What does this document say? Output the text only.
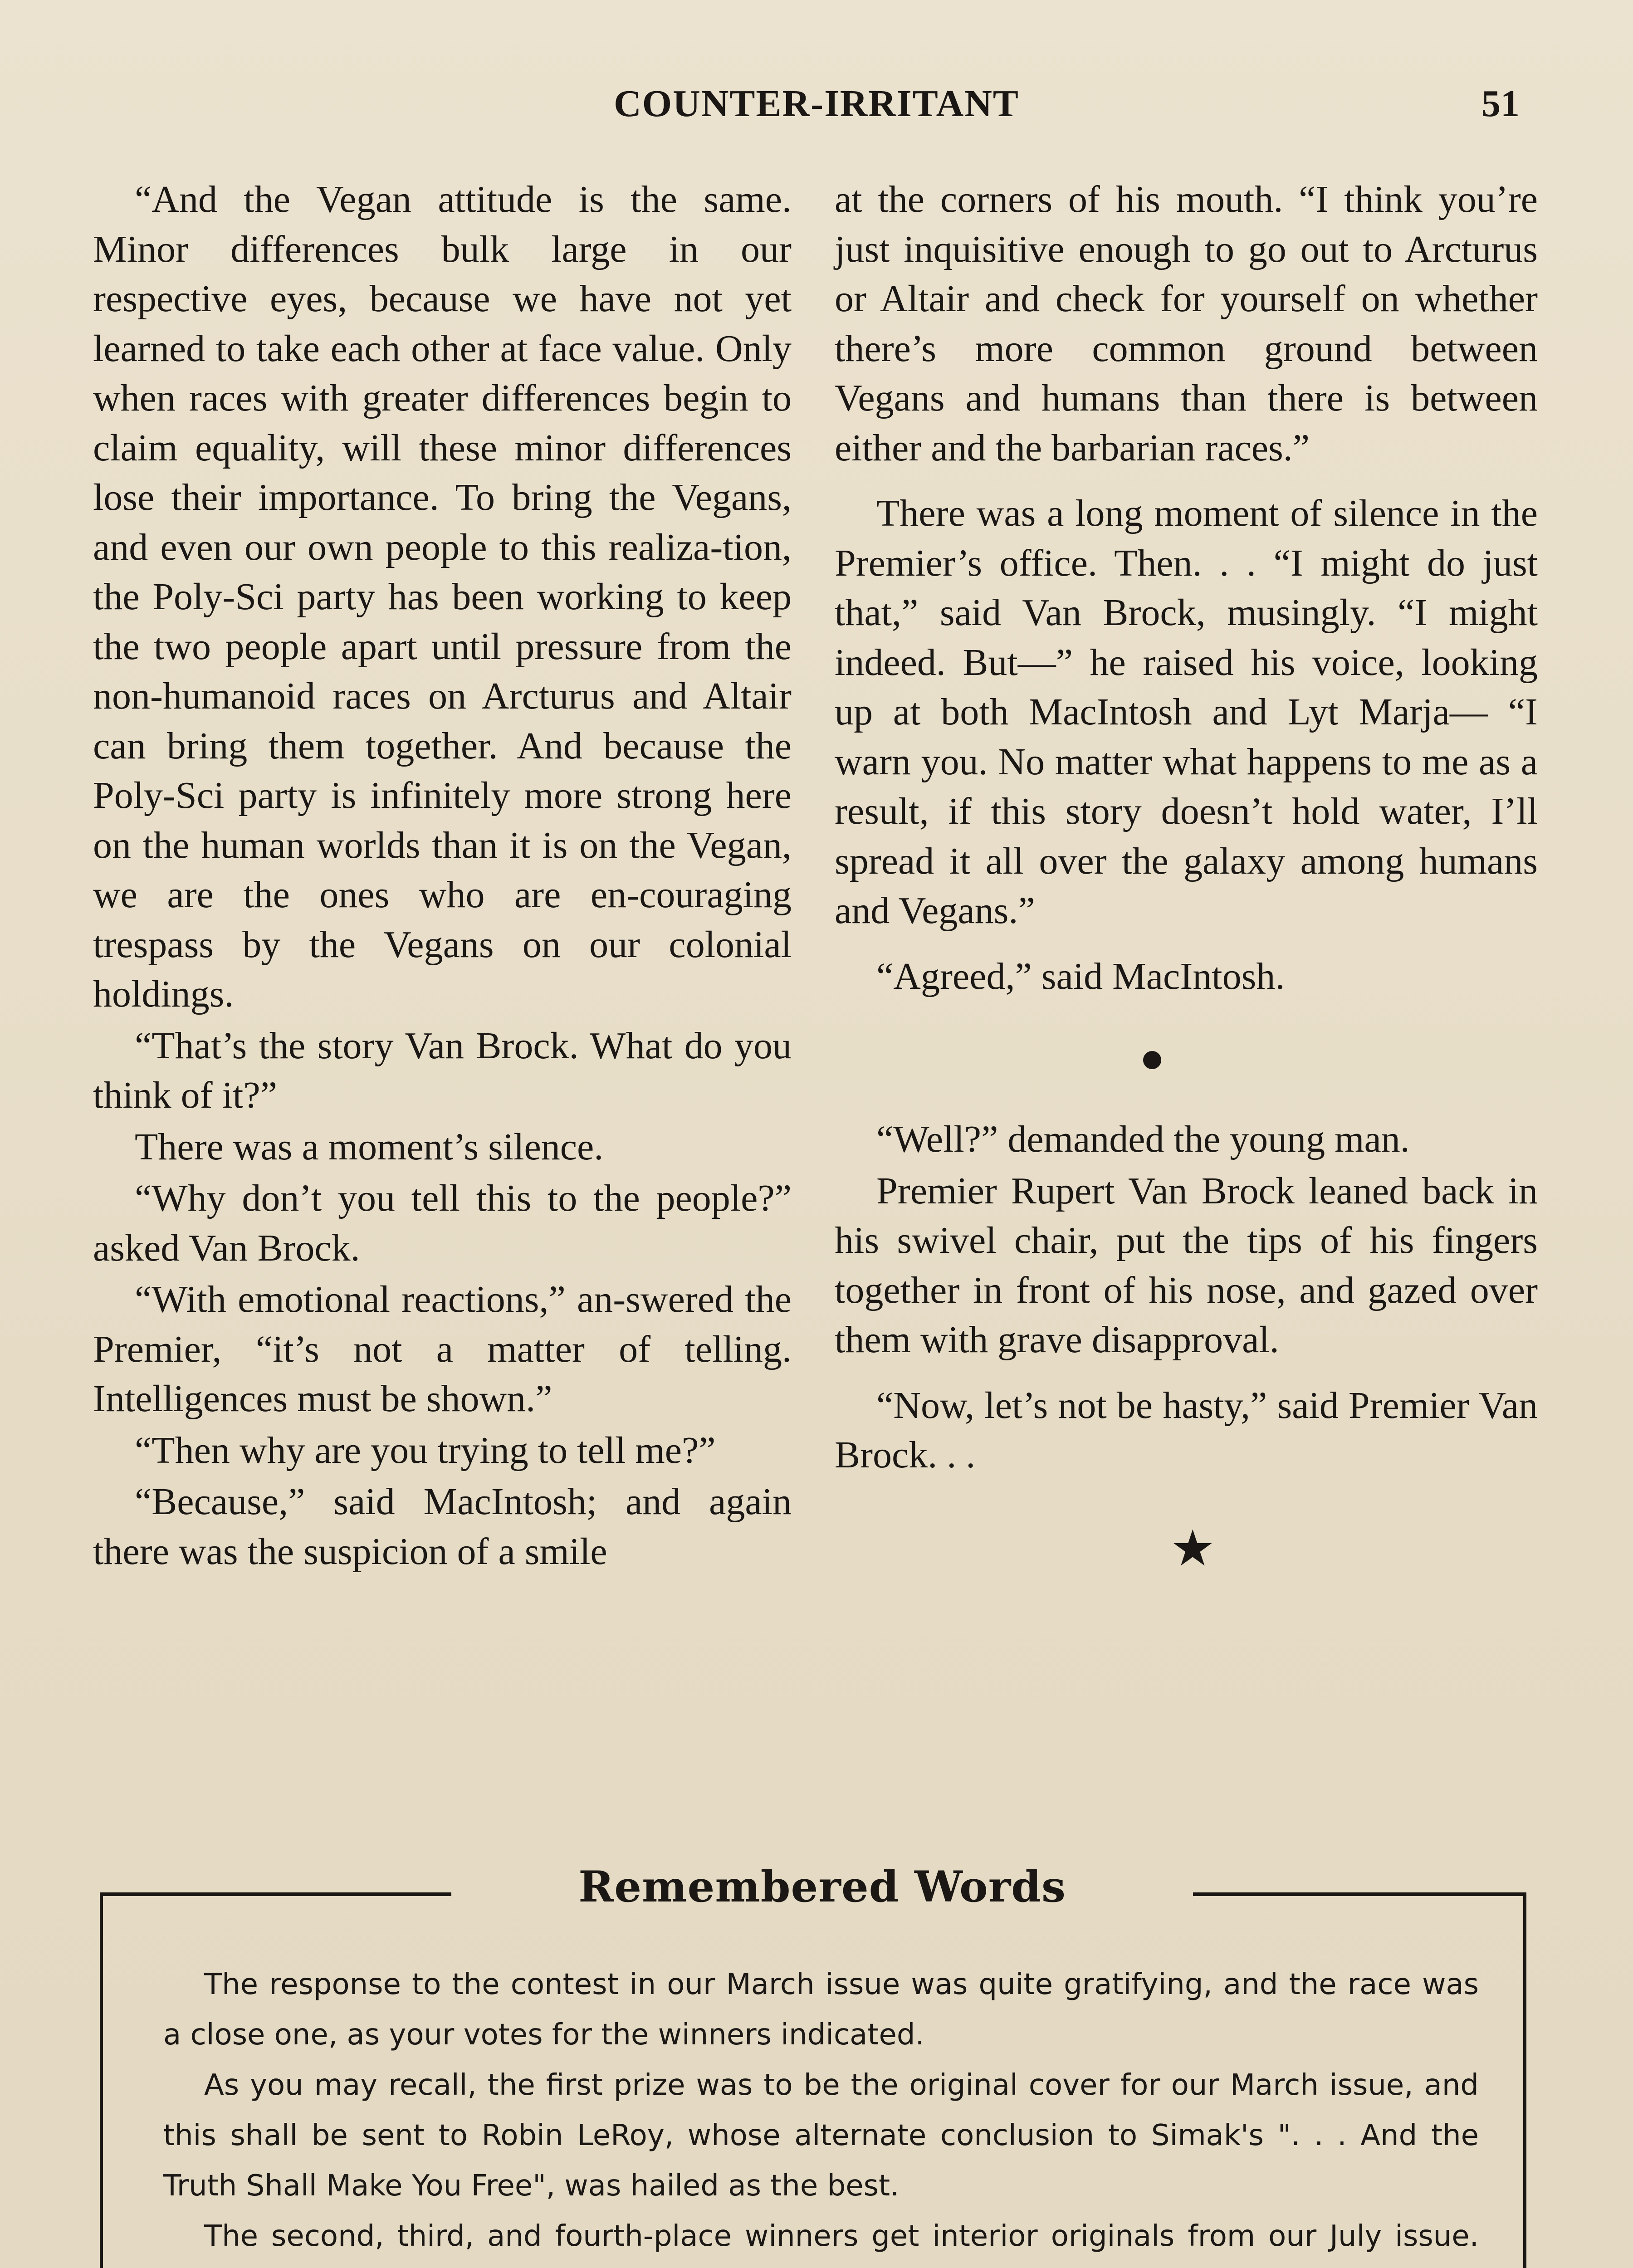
COUNTER-IRRITANT	51

“And the Vegan attitude is the same. Minor differences bulk large in our respective eyes, because we have not yet learned to take each other at face value. Only when races with greater differences begin to claim equality, will these minor differences lose their importance. To bring the Vegans, and even our own people to this realiza-tion, the Poly-Sci party has been working to keep the two people apart until pressure from the non-humanoid races on Arcturus and Altair can bring them together. And because the Poly-Sci party is infinitely more strong here on the human worlds than it is on the Vegan, we are the ones who are en-couraging trespass by the Vegans on our colonial holdings.

“That’s the story Van Brock. What do you think of it?”

There was a moment’s silence.

“Why don’t you tell this to the people?” asked Van Brock.

“With emotional reactions,” an-swered the Premier, “it’s not a matter of telling. Intelligences must be shown.”

“Then why are you trying to tell me?”

“Because,” said MacIntosh; and again there was the suspicion of a smile

at the corners of his mouth. “I think you’re just inquisitive enough to go out to Arcturus or Altair and check for yourself on whether there’s more common ground between Vegans and humans than there is between either and the barbarian races.”

There was a long moment of silence in the Premier’s office. Then. . . “I might do just that,” said Van Brock, musingly. “I might indeed. But—” he raised his voice, looking up at both MacIntosh and Lyt Marja— “I warn you. No matter what happens to me as a result, if this story doesn’t hold water, I’ll spread it all over the galaxy among humans and Vegans.”

“Agreed,” said MacIntosh.

“Well?” demanded the young man.

Premier Rupert Van Brock leaned back in his swivel chair, put the tips of his fingers together in front of his nose, and gazed over them with grave disapproval.

“Now, let’s not be hasty,” said Premier Van Brock. . .

★
Remembered Words

The response to the contest in our March issue was quite gratifying, and the race was a close one, as your votes for the winners indicated.

As you may recall, the first prize was to be the original cover for our March issue, and this shall be sent to Robin LeRoy, whose alternate conclusion to Simak's ". . . And the Truth Shall Make You Free", was hailed as the best.

The second, third, and fourth-place winners get interior originals from our July issue.
